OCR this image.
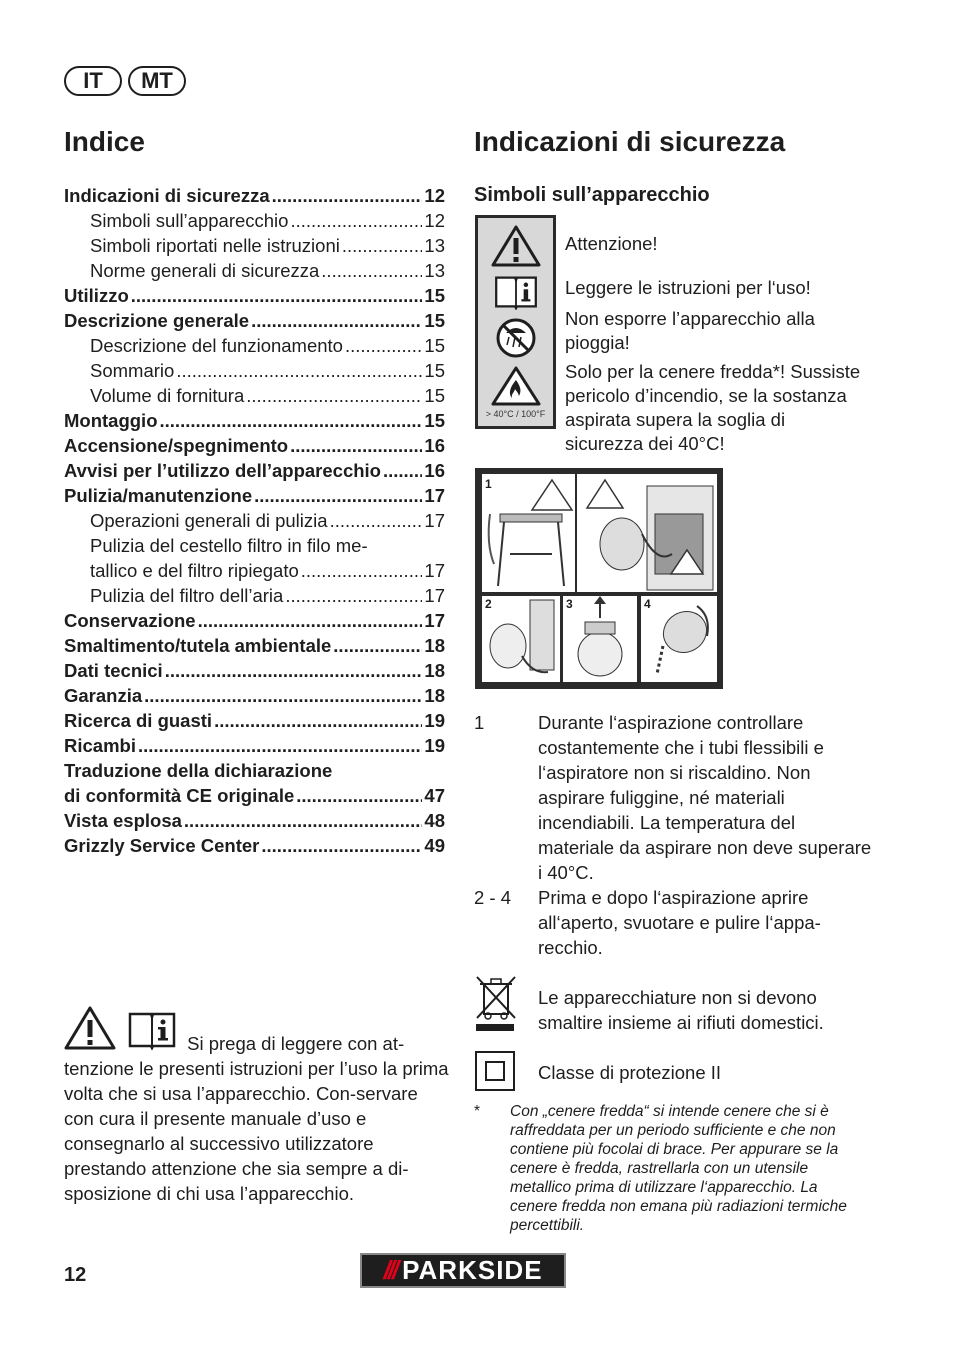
IT	MT
Indice
Indicazioni di sicurezza .....	12
Simboli sull’apparecchio .....	12
Simboli riportati nelle istruzioni .....	13
Norme generali di sicurezza .....	13
Utilizzo .....	15
Descrizione generale .....	15
Descrizione del funzionamento .....	15
Sommario .....	15
Volume di fornitura .....	15
Montaggio .....	15
Accensione/spegnimento .....	16
Avvisi per l’utilizzo dell’apparecchio ..... 16
Pulizia/manutenzione .....	17
Operazioni generali di pulizia .....	17
Pulizia del cestello filtro in filo me-
tallico e del filtro ripiegato .....	17
Pulizia del filtro dell’aria .....	17
Conservazione .....	17
Smaltimento/tutela ambientale .....	18
Dati tecnici .....	18
Garanzia .....	18
Ricerca di guasti .....	19
Ricambi .....	19
Traduzione della dichiarazione
di conformità CE originale .....	47
Vista esplosa .....	48
Grizzly Service Center .....	49
Si prega di leggere con at-tenzione le presenti istruzioni per l’uso la prima volta che si usa l’apparecchio. Con-servare con cura il presente manuale d’uso e consegnarlo al successivo utilizzatore prestando attenzione che sia sempre a di-sposizione di chi usa l’apparecchio.
Indicazioni di sicurezza
Simboli sull’apparecchio
> 40°C / 100°F
Attenzione!
Leggere le istruzioni per l‘uso!
Non esporre l’apparecchio alla pioggia!
Solo per la cenere fredda*! Sussiste pericolo d’incendio, se la sostanza aspirata supera la soglia di sicurezza dei 40°C!
1
2	3	4
1	Durante l‘aspirazione controllare costantemente che i tubi flessibili e l‘aspiratore non si riscaldino. Non aspirare fuliggine, né materiali incendiabili. La temperatura del materiale da aspirare non deve superare i 40°C.
2 - 4	Prima e dopo l‘aspirazione aprire all‘aperto, svuotare e pulire l‘appa-recchio.
Le apparecchiature non si devono smaltire insieme ai rifiuti domestici.
Classe di protezione II
*	Con „cenere fredda“ si intende cenere che si è raffreddata per un periodo sufficiente e che non contiene più focolai di brace. Per appurare se la cenere è fredda, rastrellarla con un utensile metallico prima di utilizzare l‘apparecchio. La cenere fredda non emana più radiazioni termiche percettibili.
12	/// PARKSIDE
